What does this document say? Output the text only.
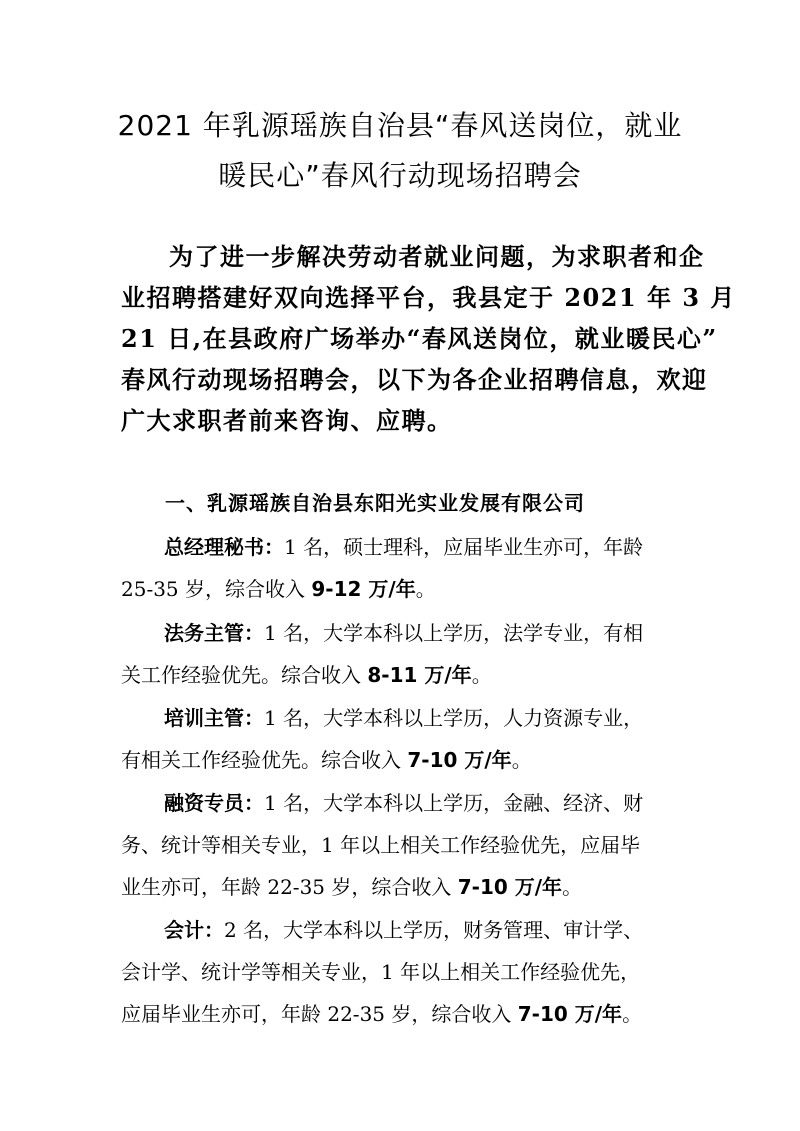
2021 年乳源瑶族自治县“春风送岗位，就业
暖民心”春风行动现场招聘会
为了进一步解决劳动者就业问题，为求职者和企
业招聘搭建好双向选择平台，我县定于 2021 年 3 月
21 日,在县政府广场举办“春风送岗位，就业暖民心”
春风行动现场招聘会，以下为各企业招聘信息，欢迎
广大求职者前来咨询、应聘。
一、乳源瑶族自治县东阳光实业发展有限公司
总经理秘书：1 名，硕士理科，应届毕业生亦可，年龄
25-35 岁，综合收入 9-12 万/年。
法务主管：1 名，大学本科以上学历，法学专业，有相
关工作经验优先。综合收入 8-11 万/年。
培训主管：1 名，大学本科以上学历，人力资源专业，
有相关工作经验优先。综合收入 7-10 万/年。
融资专员：1 名，大学本科以上学历，金融、经济、财
务、统计等相关专业，1 年以上相关工作经验优先，应届毕
业生亦可，年龄 22-35 岁，综合收入 7-10 万/年。
会计：2 名，大学本科以上学历，财务管理、审计学、
会计学、统计学等相关专业，1 年以上相关工作经验优先，
应届毕业生亦可，年龄 22-35 岁，综合收入 7-10 万/年。
